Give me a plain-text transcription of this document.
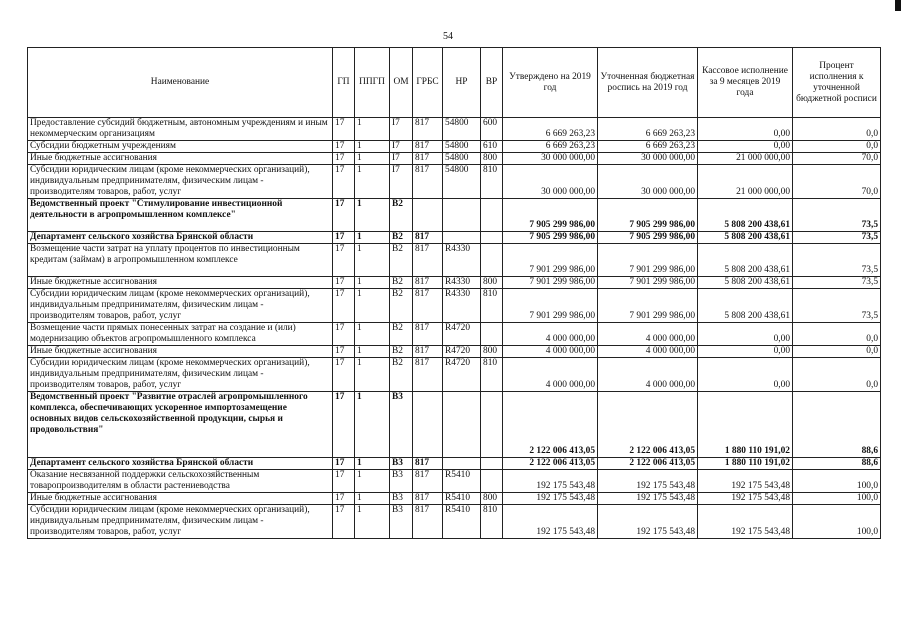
54
Наименование	ГП	ППГП	ОМ	ГРБС	НР	ВР	Утверждено на 2019 год	Уточненная бюджетная роспись на 2019 год	Кассовое исполнение за 9 месяцев 2019 года	Процент исполнения к уточненной бюджетной росписи
Предоставление субсидий бюджетным, автономным учреждениям и иным некоммерческим организациям	17	1	I7	817	54800	600	6 669 263,23	6 669 263,23	0,00	0,0
Субсидии бюджетным учреждениям	17	1	I7	817	54800	610	6 669 263,23	6 669 263,23	0,00	0,0
Иные бюджетные ассигнования	17	1	I7	817	54800	800	30 000 000,00	30 000 000,00	21 000 000,00	70,0
Субсидии юридическим лицам (кроме некоммерческих организаций), индивидуальным предпринимателям, физическим лицам - производителям товаров, работ, услуг	17	1	I7	817	54800	810	30 000 000,00	30 000 000,00	21 000 000,00	70,0
Ведомственный проект "Стимулирование инвестиционной деятельности в агропромышленном комплексе"	17	1	В2				7 905 299 986,00	7 905 299 986,00	5 808 200 438,61	73,5
Департамент сельского хозяйства Брянской области	17	1	В2	817			7 905 299 986,00	7 905 299 986,00	5 808 200 438,61	73,5
Возмещение части затрат на уплату процентов по инвестиционным кредитам (займам) в агропромышленном комплексе	17	1	В2	817	R4330		7 901 299 986,00	7 901 299 986,00	5 808 200 438,61	73,5
Иные бюджетные ассигнования	17	1	В2	817	R4330	800	7 901 299 986,00	7 901 299 986,00	5 808 200 438,61	73,5
Субсидии юридическим лицам (кроме некоммерческих организаций), индивидуальным предпринимателям, физическим лицам - производителям товаров, работ, услуг	17	1	В2	817	R4330	810	7 901 299 986,00	7 901 299 986,00	5 808 200 438,61	73,5
Возмещение части прямых понесенных затрат на создание и (или) модернизацию объектов агропромышленного комплекса	17	1	В2	817	R4720		4 000 000,00	4 000 000,00	0,00	0,0
Иные бюджетные ассигнования	17	1	В2	817	R4720	800	4 000 000,00	4 000 000,00	0,00	0,0
Субсидии юридическим лицам (кроме некоммерческих организаций), индивидуальным предпринимателям, физическим лицам - производителям товаров, работ, услуг	17	1	В2	817	R4720	810	4 000 000,00	4 000 000,00	0,00	0,0
Ведомственный проект "Развитие отраслей агропромышленного комплекса, обеспечивающих ускоренное импортозамещение основных видов сельскохозяйственной продукции, сырья и продовольствия"	17	1	В3				2 122 006 413,05	2 122 006 413,05	1 880 110 191,02	88,6
Департамент сельского хозяйства Брянской области	17	1	В3	817			2 122 006 413,05	2 122 006 413,05	1 880 110 191,02	88,6
Оказание несвязанной поддержки сельскохозяйственным товаропроизводителям в области растениеводства	17	1	В3	817	R5410		192 175 543,48	192 175 543,48	192 175 543,48	100,0
Иные бюджетные ассигнования	17	1	В3	817	R5410	800	192 175 543,48	192 175 543,48	192 175 543,48	100,0
Субсидии юридическим лицам (кроме некоммерческих организаций), индивидуальным предпринимателям, физическим лицам - производителям товаров, работ, услуг	17	1	В3	817	R5410	810	192 175 543,48	192 175 543,48	192 175 543,48	100,0
